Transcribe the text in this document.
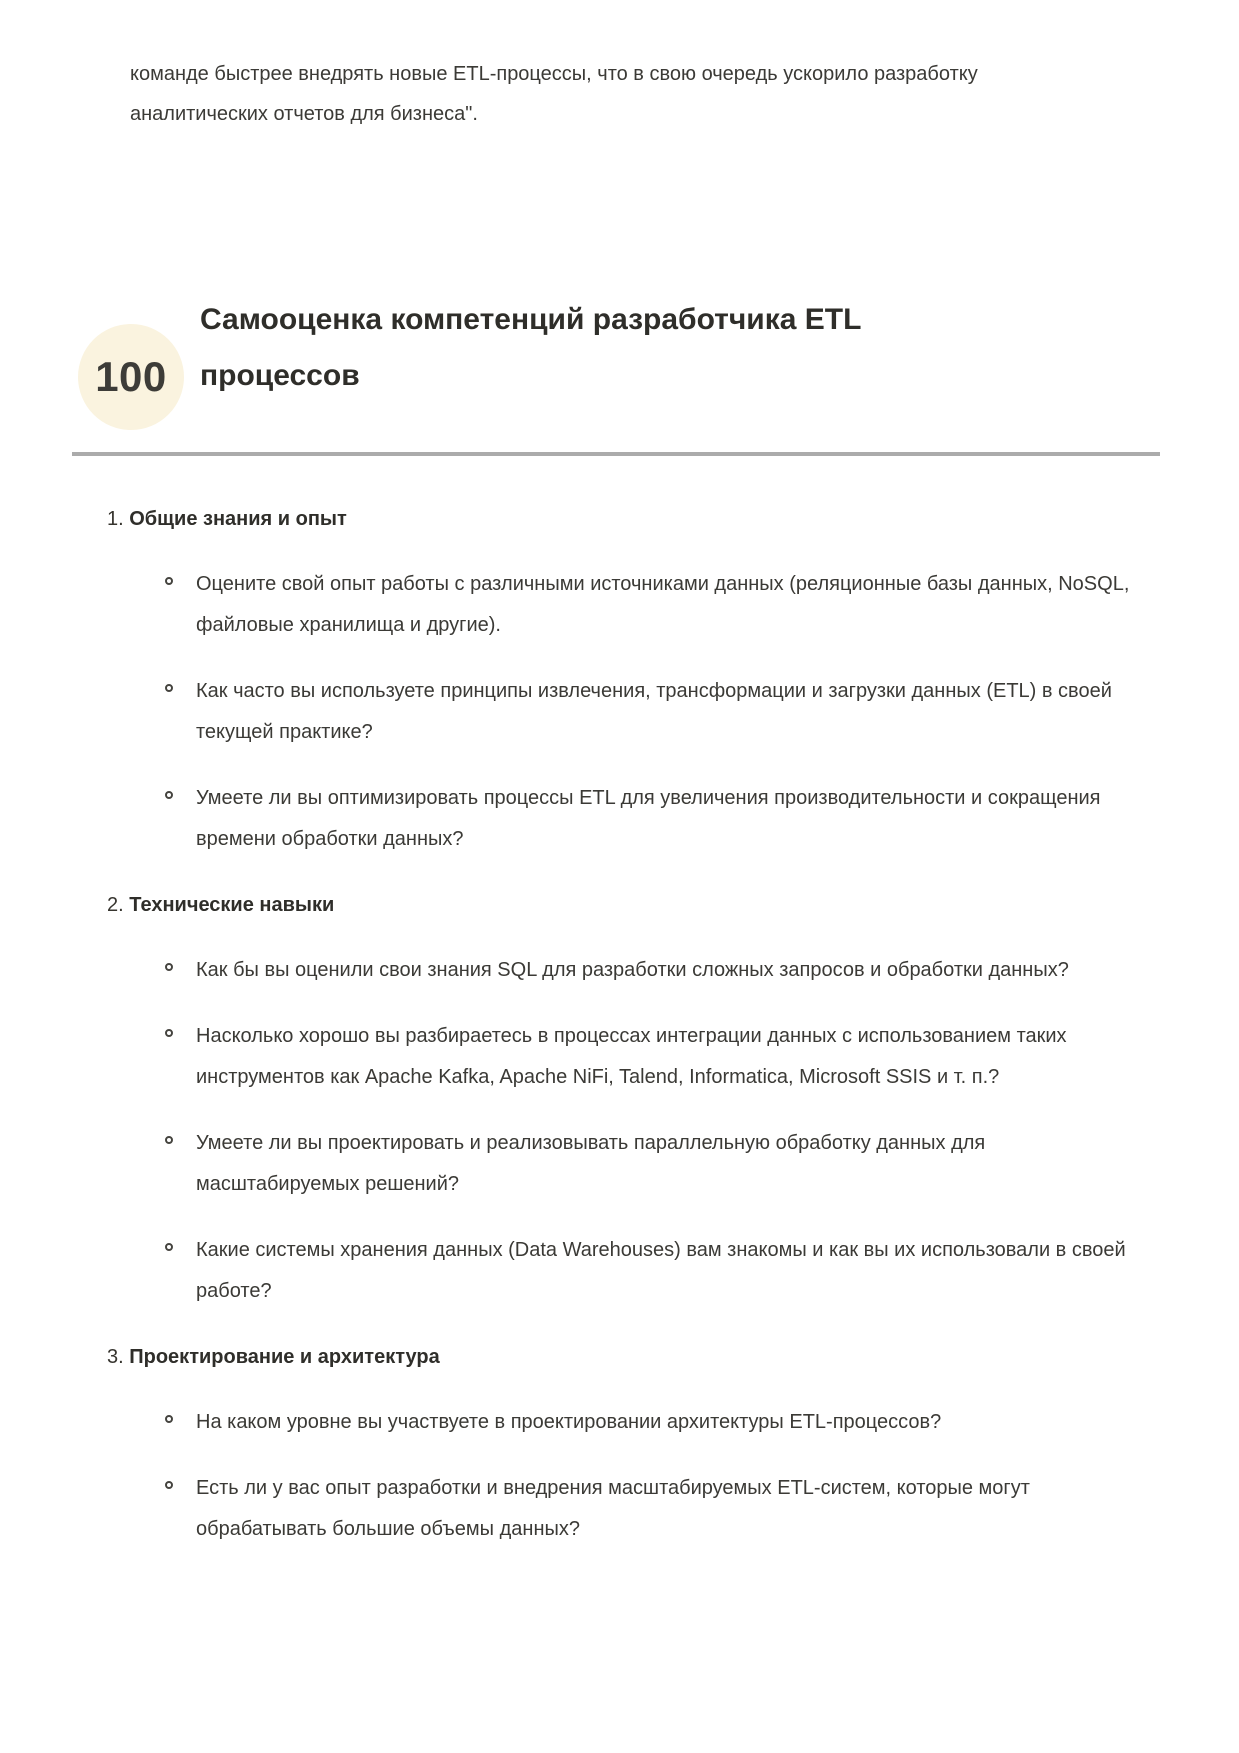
команде быстрее внедрять новые ETL-процессы, что в свою очередь ускорило разработку аналитических отчетов для бизнеса".

100
Самооценка компетенций разработчика ETL процессов
1. Общие знания и опыт
Оцените свой опыт работы с различными источниками данных (реляционные базы данных, NoSQL, файловые хранилища и другие).
Как часто вы используете принципы извлечения, трансформации и загрузки данных (ETL) в своей текущей практике?
Умеете ли вы оптимизировать процессы ETL для увеличения производительности и сокращения времени обработки данных?
2. Технические навыки
Как бы вы оценили свои знания SQL для разработки сложных запросов и обработки данных?
Насколько хорошо вы разбираетесь в процессах интеграции данных с использованием таких инструментов как Apache Kafka, Apache NiFi, Talend, Informatica, Microsoft SSIS и т. п.?
Умеете ли вы проектировать и реализовывать параллельную обработку данных для масштабируемых решений?
Какие системы хранения данных (Data Warehouses) вам знакомы и как вы их использовали в своей работе?
3. Проектирование и архитектура
На каком уровне вы участвуете в проектировании архитектуры ETL-процессов?
Есть ли у вас опыт разработки и внедрения масштабируемых ETL-систем, которые могут обрабатывать большие объемы данных?
